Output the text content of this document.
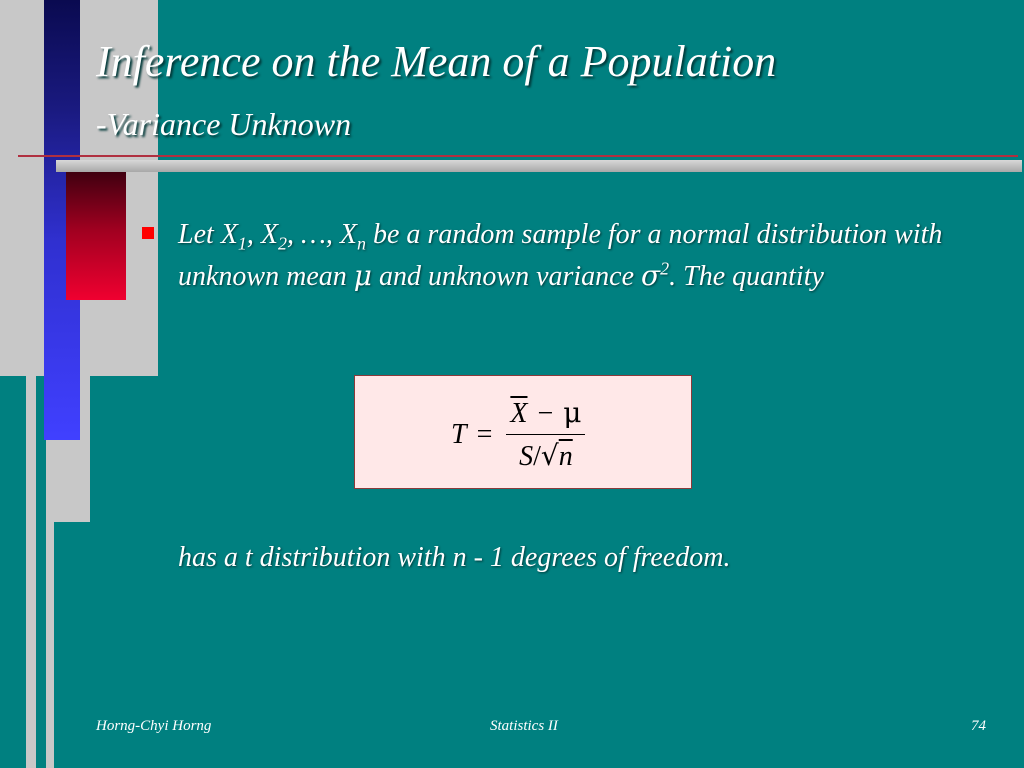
Inference on the Mean of a Population
-Variance Unknown
Let $X_1$, $X_2$, …, $X_n$ be a random sample for a normal distribution with unknown mean μ and unknown variance $\sigma^2$. The quantity
$T = \frac{\overline{X} - \mu}{S/√n}$
has a t distribution with n - 1 degrees of freedom.
Horng-Chyi Horng	Statistics II	74
